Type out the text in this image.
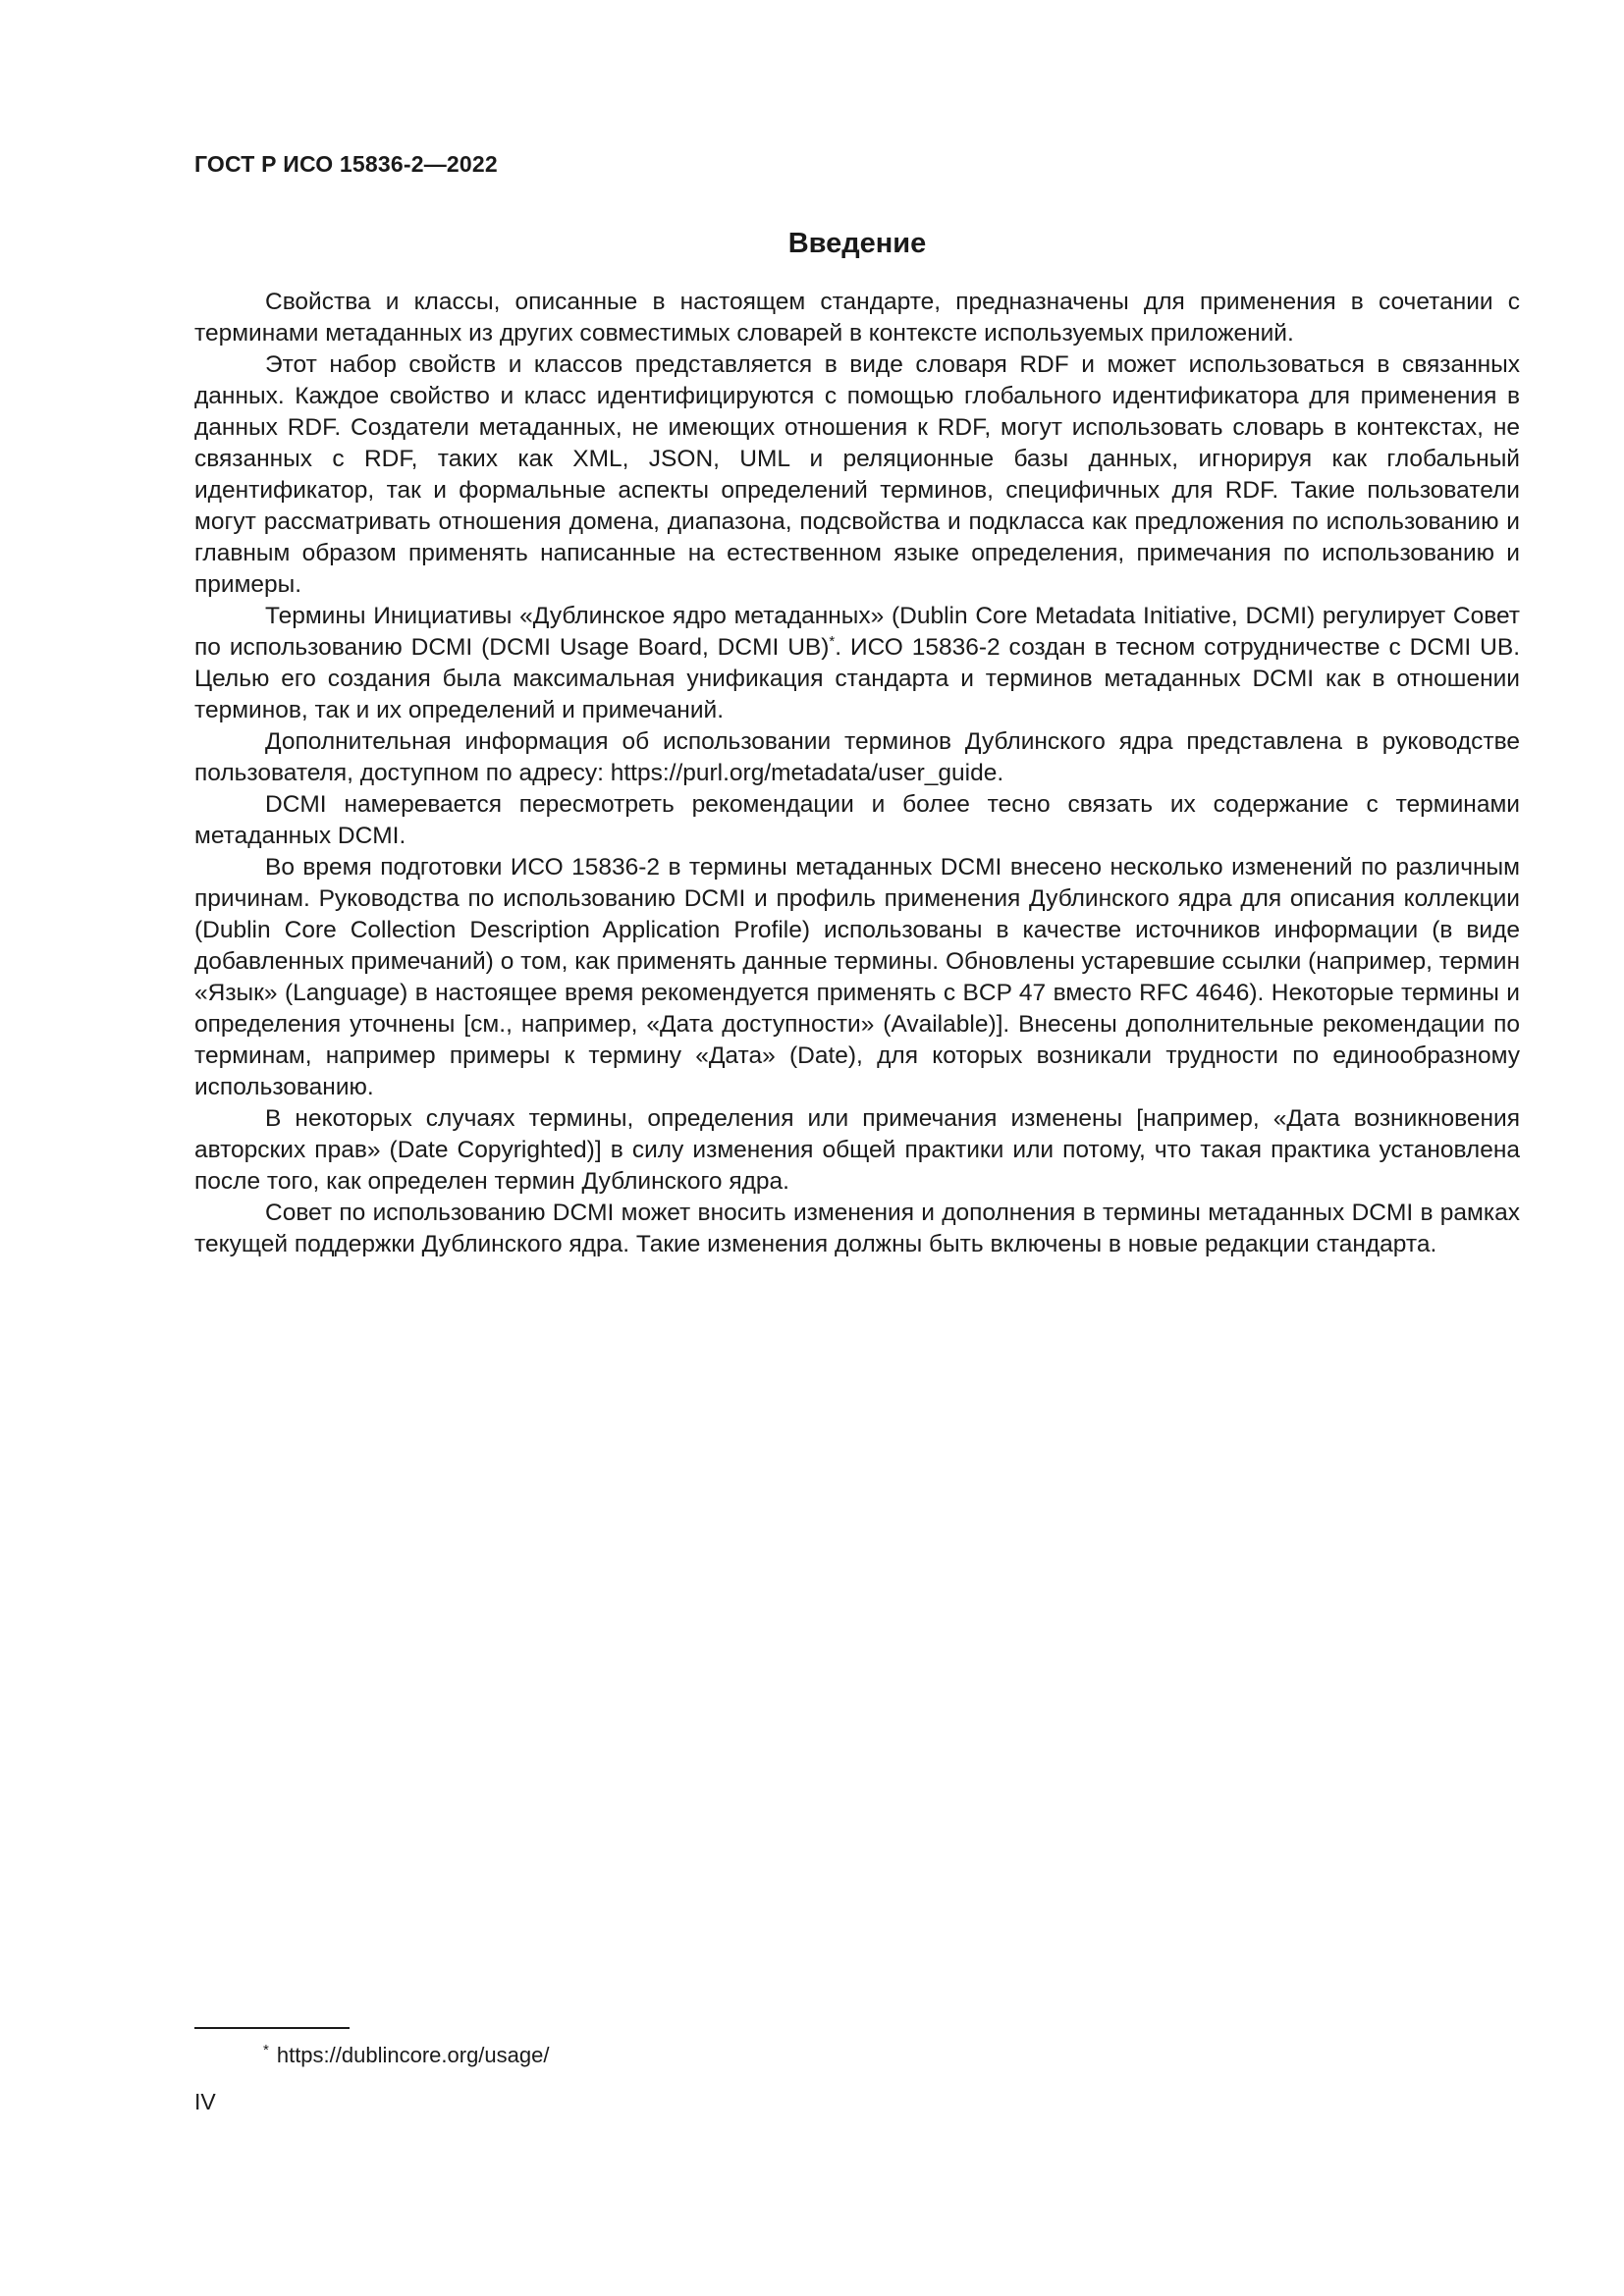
ГОСТ Р ИСО 15836-2—2022
Введение

Свойства и классы, описанные в настоящем стандарте, предназначены для применения в сочетании с терминами метаданных из других совместимых словарей в контексте используемых приложений.

Этот набор свойств и классов представляется в виде словаря RDF и может использоваться в связанных данных. Каждое свойство и класс идентифицируются с помощью глобального идентификатора для применения в данных RDF. Создатели метаданных, не имеющих отношения к RDF, могут использовать словарь в контекстах, не связанных с RDF, таких как XML, JSON, UML и реляционные базы данных, игнорируя как глобальный идентификатор, так и формальные аспекты определений терминов, специфичных для RDF. Такие пользователи могут рассматривать отношения домена, диапазона, подсвойства и подкласса как предложения по использованию и главным образом применять написанные на естественном языке определения, примечания по использованию и примеры.

Термины Инициативы «Дублинское ядро метаданных» (Dublin Core Metadata Initiative, DCMI) регулирует Совет по использованию DCMI (DCMI Usage Board, DCMI UB)*. ИСО 15836-2 создан в тесном сотрудничестве с DCMI UB. Целью его создания была максимальная унификация стандарта и терминов метаданных DCMI как в отношении терминов, так и их определений и примечаний.

Дополнительная информация об использовании терминов Дублинского ядра представлена в руководстве пользователя, доступном по адресу: https://purl.org/metadata/user_guide.

DCMI намеревается пересмотреть рекомендации и более тесно связать их содержание с терминами метаданных DCMI.

Во время подготовки ИСО 15836-2 в термины метаданных DCMI внесено несколько изменений по различным причинам. Руководства по использованию DCMI и профиль применения Дублинского ядра для описания коллекции (Dublin Core Collection Description Application Profile) использованы в качестве источников информации (в виде добавленных примечаний) о том, как применять данные термины. Обновлены устаревшие ссылки (например, термин «Язык» (Language) в настоящее время рекомендуется применять с BCP 47 вместо RFC 4646). Некоторые термины и определения уточнены [см., например, «Дата доступности» (Available)]. Внесены дополнительные рекомендации по терминам, например примеры к термину «Дата» (Date), для которых возникали трудности по единообразному использованию.

В некоторых случаях термины, определения или примечания изменены [например, «Дата возникновения авторских прав» (Date Copyrighted)] в силу изменения общей практики или потому, что такая практика установлена после того, как определен термин Дублинского ядра.

Совет по использованию DCMI может вносить изменения и дополнения в термины метаданных DCMI в рамках текущей поддержки Дублинского ядра. Такие изменения должны быть включены в новые редакции стандарта.

* https://dublincore.org/usage/
IV
